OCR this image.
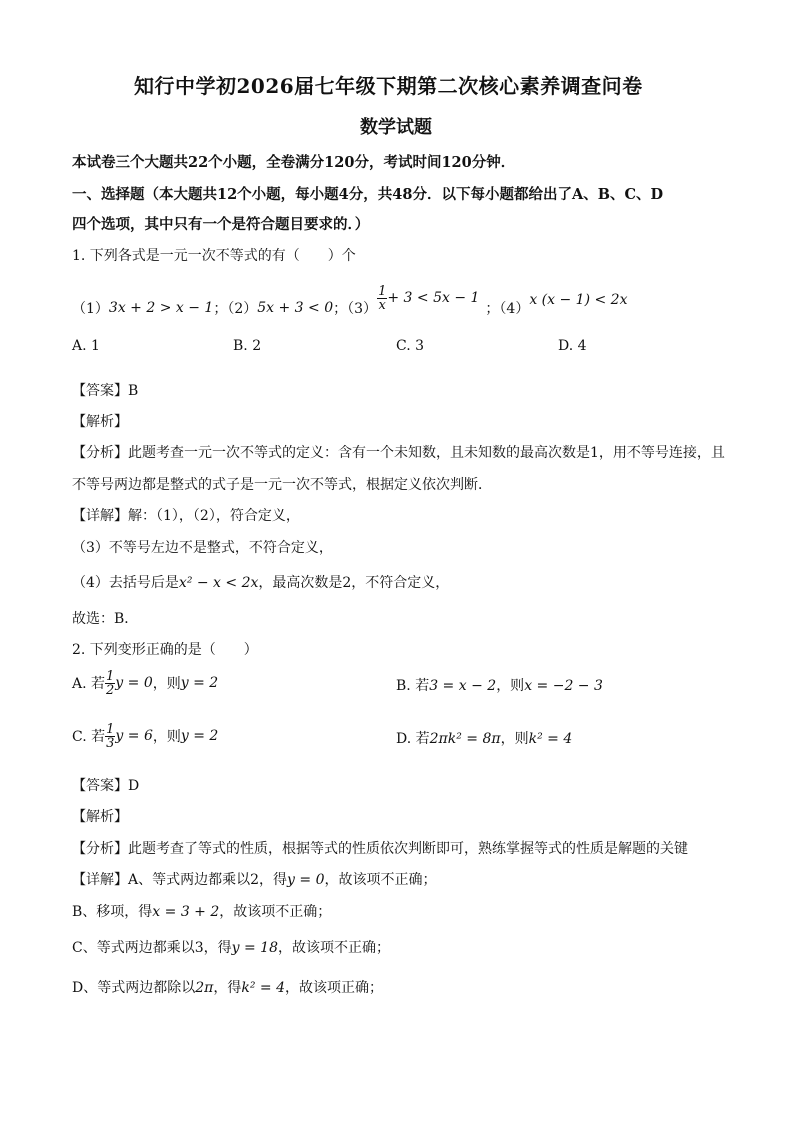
知行中学初2026届七年级下期第二次核心素养调查问卷
数学试题
本试卷三个大题共22个小题，全卷满分120分，考试时间120分钟．
一、选择题（本大题共12个小题，每小题4分，共48分．以下每小题都给出了A、B、C、D
四个选项，其中只有一个是符合题目要求的．）
1. 下列各式是一元一次不等式的有（　　）个
（1） 3x + 2 > x − 1 ；（2） 5x + 3 < 0 ；$(3) \frac{1}{x} + 3 < 5x - 1$
；（4）
x (x − 1) < 2x
A. 1	B. 2	C. 3	D. 4
【答案】B
【解析】
【分析】此题考查一元一次不等式的定义：含有一个未知数，且未知数的最高次数是1，用不等号连接，且
不等号两边都是整式的式子是一元一次不等式，根据定义依次判断．
【详解】解：（1），（2），符合定义，
（3）不等号左边不是整式，不符合定义，
（4）去括号后是x² − x < 2x，最高次数是2，不符合定义，
故选：B．
2. 下列变形正确的是（　　）
A. 若 $\frac{1}{2}$ y = 0 ，则 y = 2	B. 若3 = x − 2，则x = −2 − 3
C. 若 $\frac{1}{3}$ y = 6 ，则 y = 2	D. 若2πk² = 8π，则k² = 4
【答案】D
【解析】
【分析】此题考查了等式的性质，根据等式的性质依次判断即可，熟练掌握等式的性质是解题的关键
【详解】A、等式两边都乘以2，得y = 0，故该项不正确；
B、移项，得x = 3 + 2，故该项不正确；
C、等式两边都乘以3，得y = 18，故该项不正确；
D、等式两边都除以2π，得k² = 4，故该项正确；
